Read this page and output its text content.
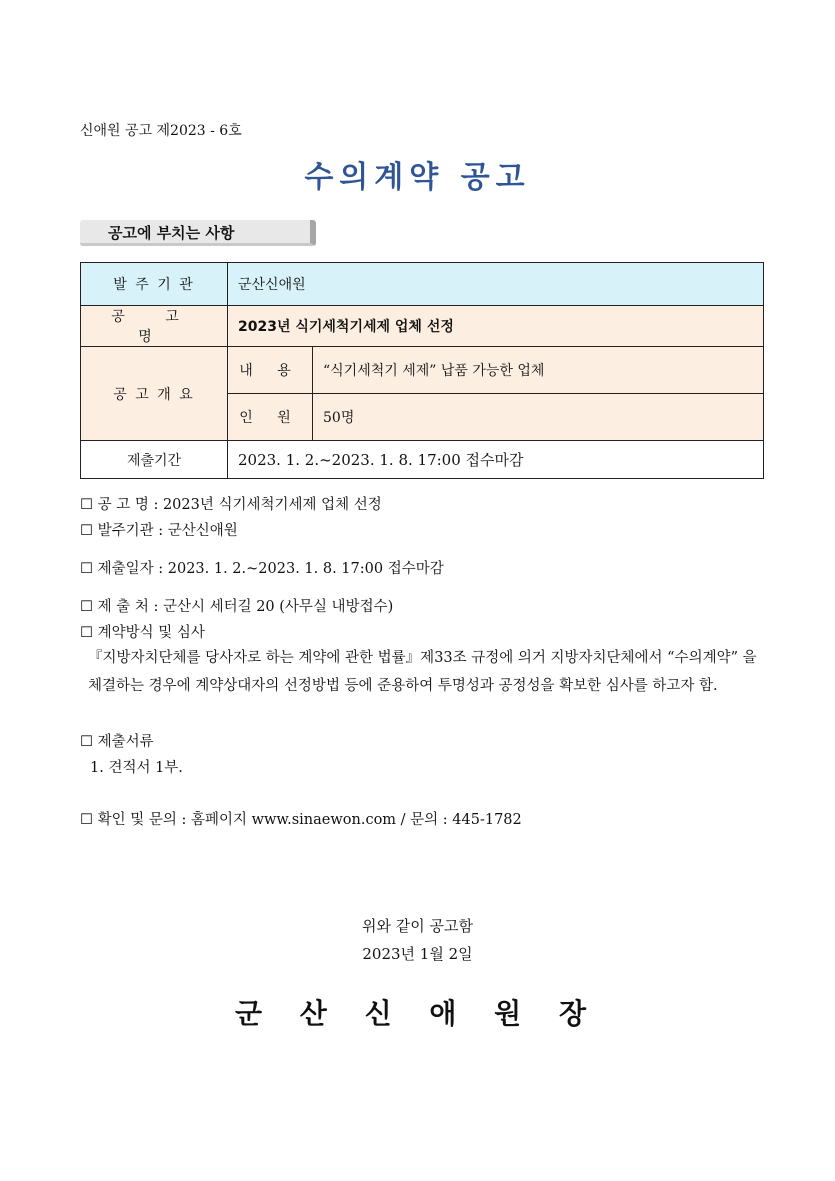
신애원 공고 제2023 - 6호
수의계약 공고
공고에 부치는 사항
발 주 기 관	군산신애원	
공 고 명	2023년 식기세척기세제 업체 선정	
공 고 개 요	내 용	“식기세척기 세제” 납품 가능한 업체
	인 원	50명
제출기간	2023. 1. 2.~2023. 1. 8. 17:00 접수마감	
☐ 공 고 명 : 2023년 식기세척기세제 업체 선정
☐ 발주기관 : 군산신애원
☐ 제출일자 : 2023. 1. 2.~2023. 1. 8. 17:00 접수마감
☐ 제 출 처 : 군산시 세터길 20 (사무실 내방접수)
☐ 계약방식 및 심사
『지방자치단체를 당사자로 하는 계약에 관한 법률』제33조 규정에 의거 지방자치단체에서 “수의계약” 을 체결하는 경우에 계약상대자의 선정방법 등에 준용하여 투명성과 공정성을 확보한 심사를 하고자 함.
☐ 제출서류
1. 견적서 1부.
☐ 확인 및 문의 : 홈페이지 www.sinaewon.com / 문의 : 445-1782
위와 같이 공고함
2023년 1월 2일
군 산 신 애 원 장
